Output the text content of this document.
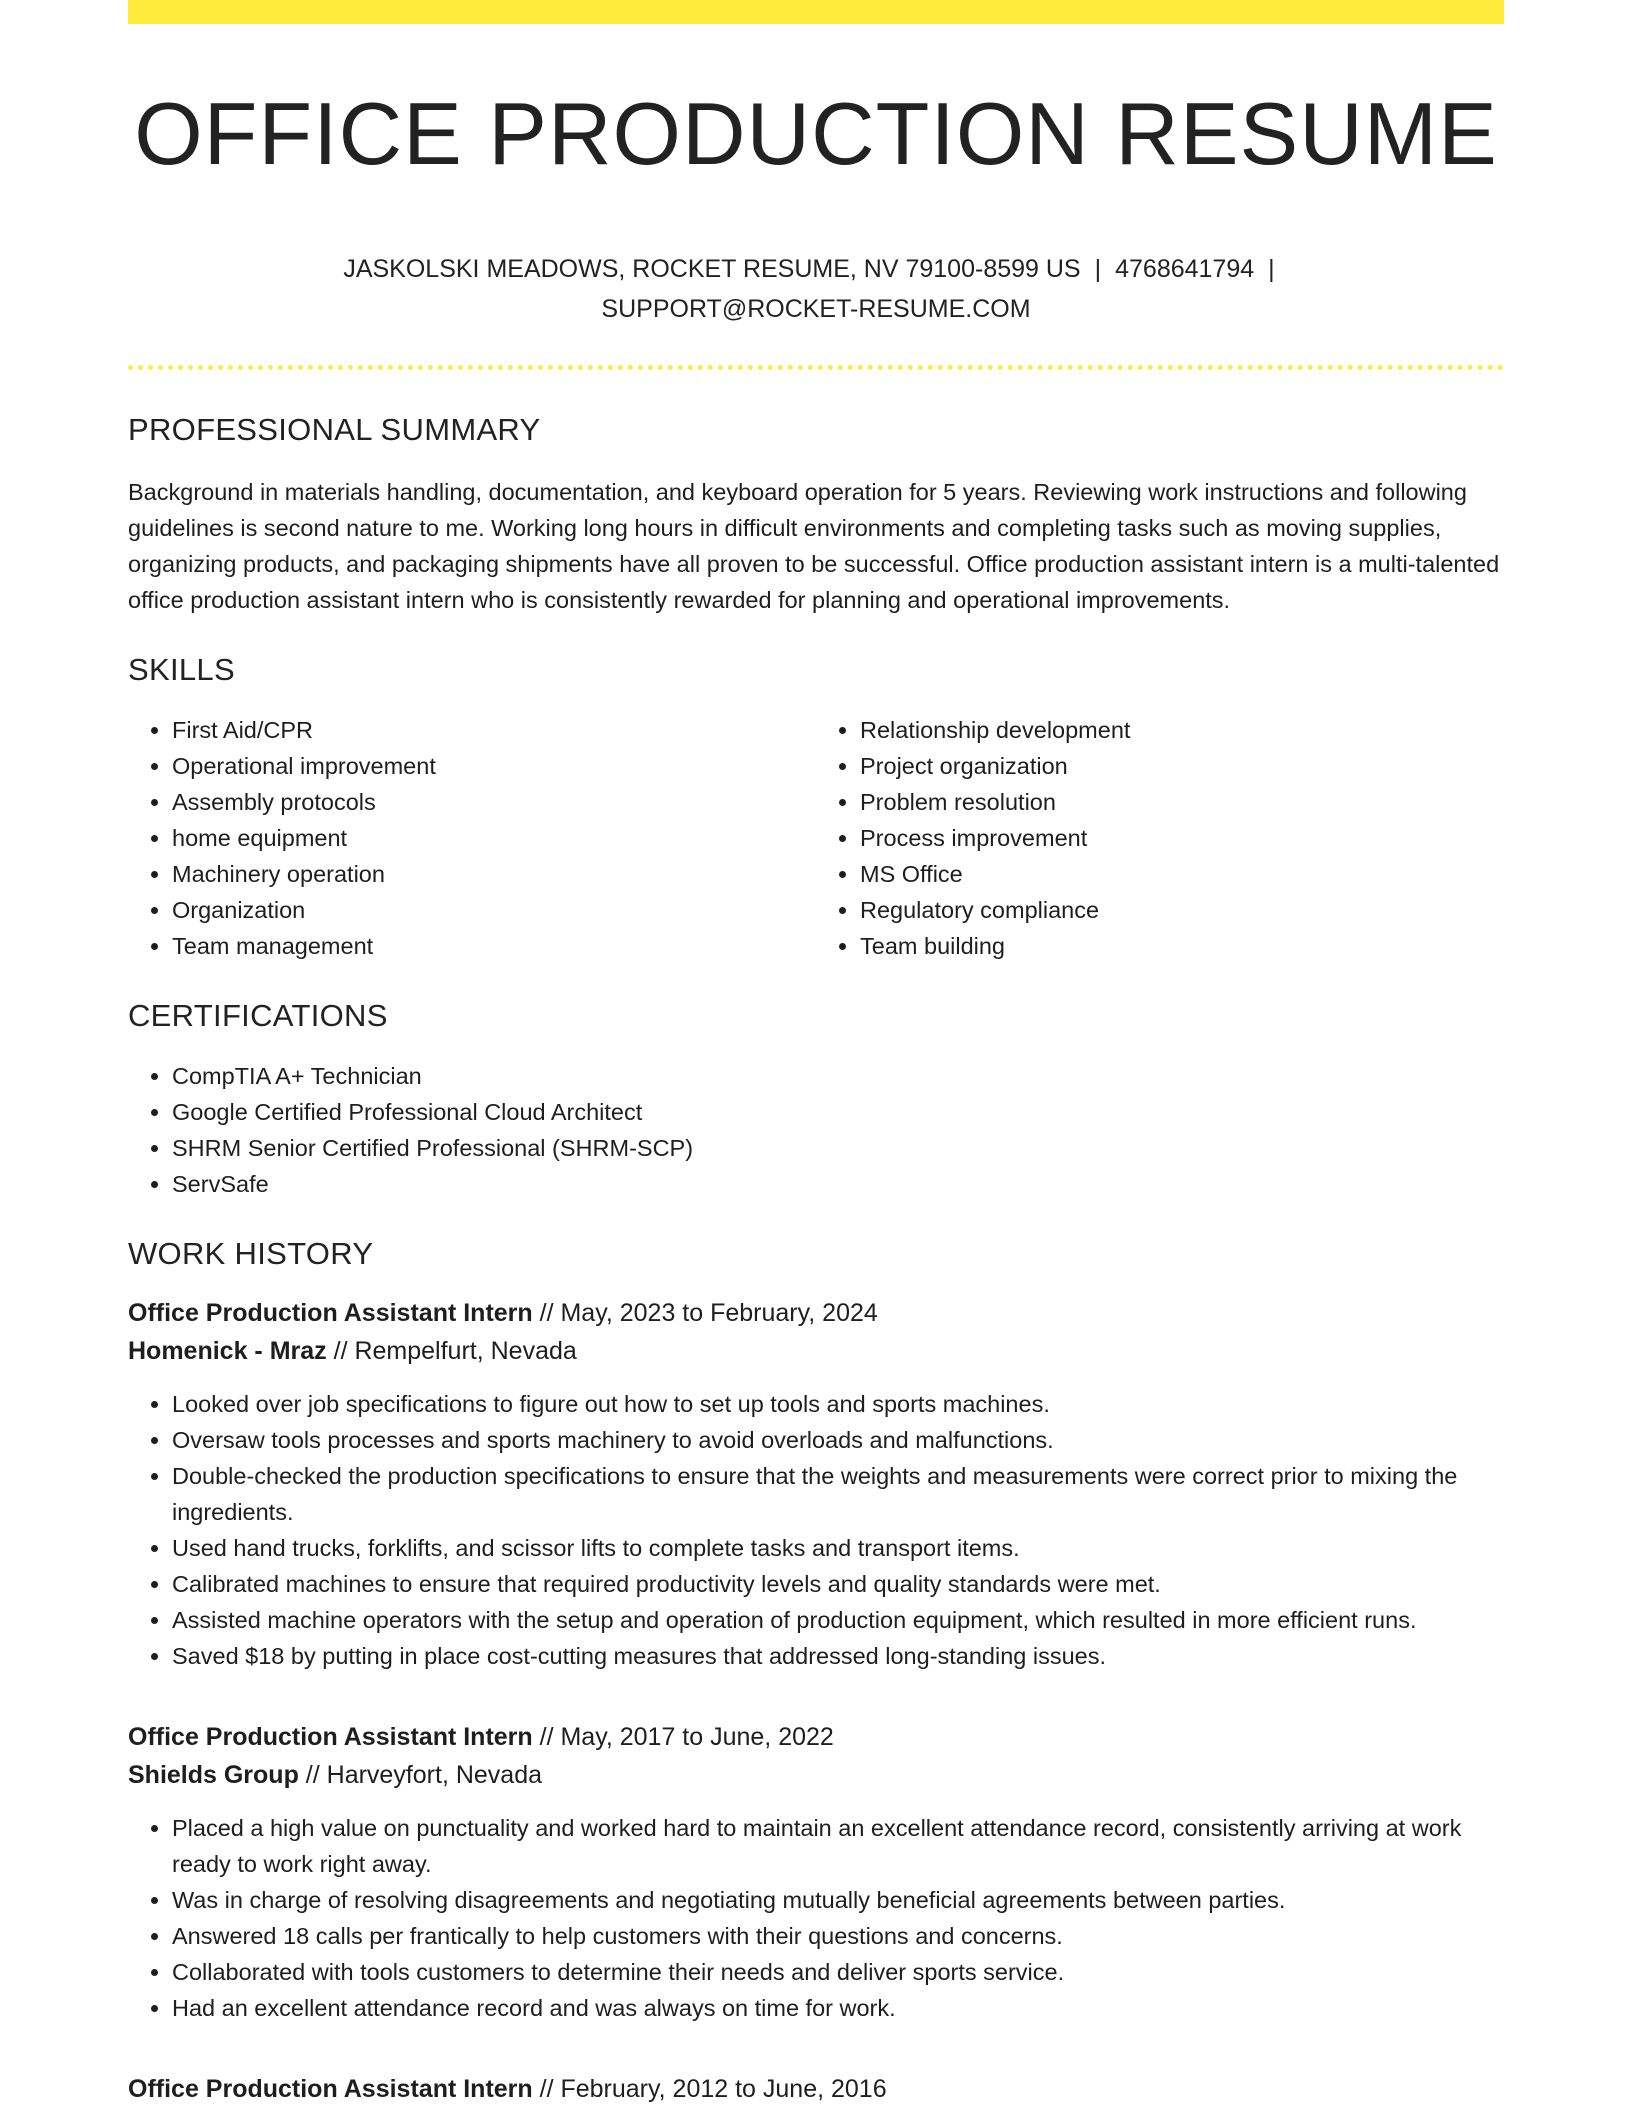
OFFICE PRODUCTION RESUME
JASKOLSKI MEADOWS, ROCKET RESUME, NV 79100-8599 US | 4768641794 |
SUPPORT@ROCKET-RESUME.COM
PROFESSIONAL SUMMARY
Background in materials handling, documentation, and keyboard operation for 5 years. Reviewing work instructions and following guidelines is second nature to me. Working long hours in difficult environments and completing tasks such as moving supplies, organizing products, and packaging shipments have all proven to be successful. Office production assistant intern is a multi-talented office production assistant intern who is consistently rewarded for planning and operational improvements.
SKILLS
• First Aid/CPR
• Operational improvement
• Assembly protocols
• home equipment
• Machinery operation
• Organization
• Team management
• Relationship development
• Project organization
• Problem resolution
• Process improvement
• MS Office
• Regulatory compliance
• Team building
CERTIFICATIONS
• CompTIA A+ Technician
• Google Certified Professional Cloud Architect
• SHRM Senior Certified Professional (SHRM-SCP)
• ServSafe
WORK HISTORY
Office Production Assistant Intern // May, 2023 to February, 2024
Homenick - Mraz // Rempelfurt, Nevada
• Looked over job specifications to figure out how to set up tools and sports machines.
• Oversaw tools processes and sports machinery to avoid overloads and malfunctions.
• Double-checked the production specifications to ensure that the weights and measurements were correct prior to mixing the ingredients.
• Used hand trucks, forklifts, and scissor lifts to complete tasks and transport items.
• Calibrated machines to ensure that required productivity levels and quality standards were met.
• Assisted machine operators with the setup and operation of production equipment, which resulted in more efficient runs.
• Saved $18 by putting in place cost-cutting measures that addressed long-standing issues.
Office Production Assistant Intern // May, 2017 to June, 2022
Shields Group // Harveyfort, Nevada
• Placed a high value on punctuality and worked hard to maintain an excellent attendance record, consistently arriving at work ready to work right away.
• Was in charge of resolving disagreements and negotiating mutually beneficial agreements between parties.
• Answered 18 calls per frantically to help customers with their questions and concerns.
• Collaborated with tools customers to determine their needs and deliver sports service.
• Had an excellent attendance record and was always on time for work.
Office Production Assistant Intern // February, 2012 to June, 2016
